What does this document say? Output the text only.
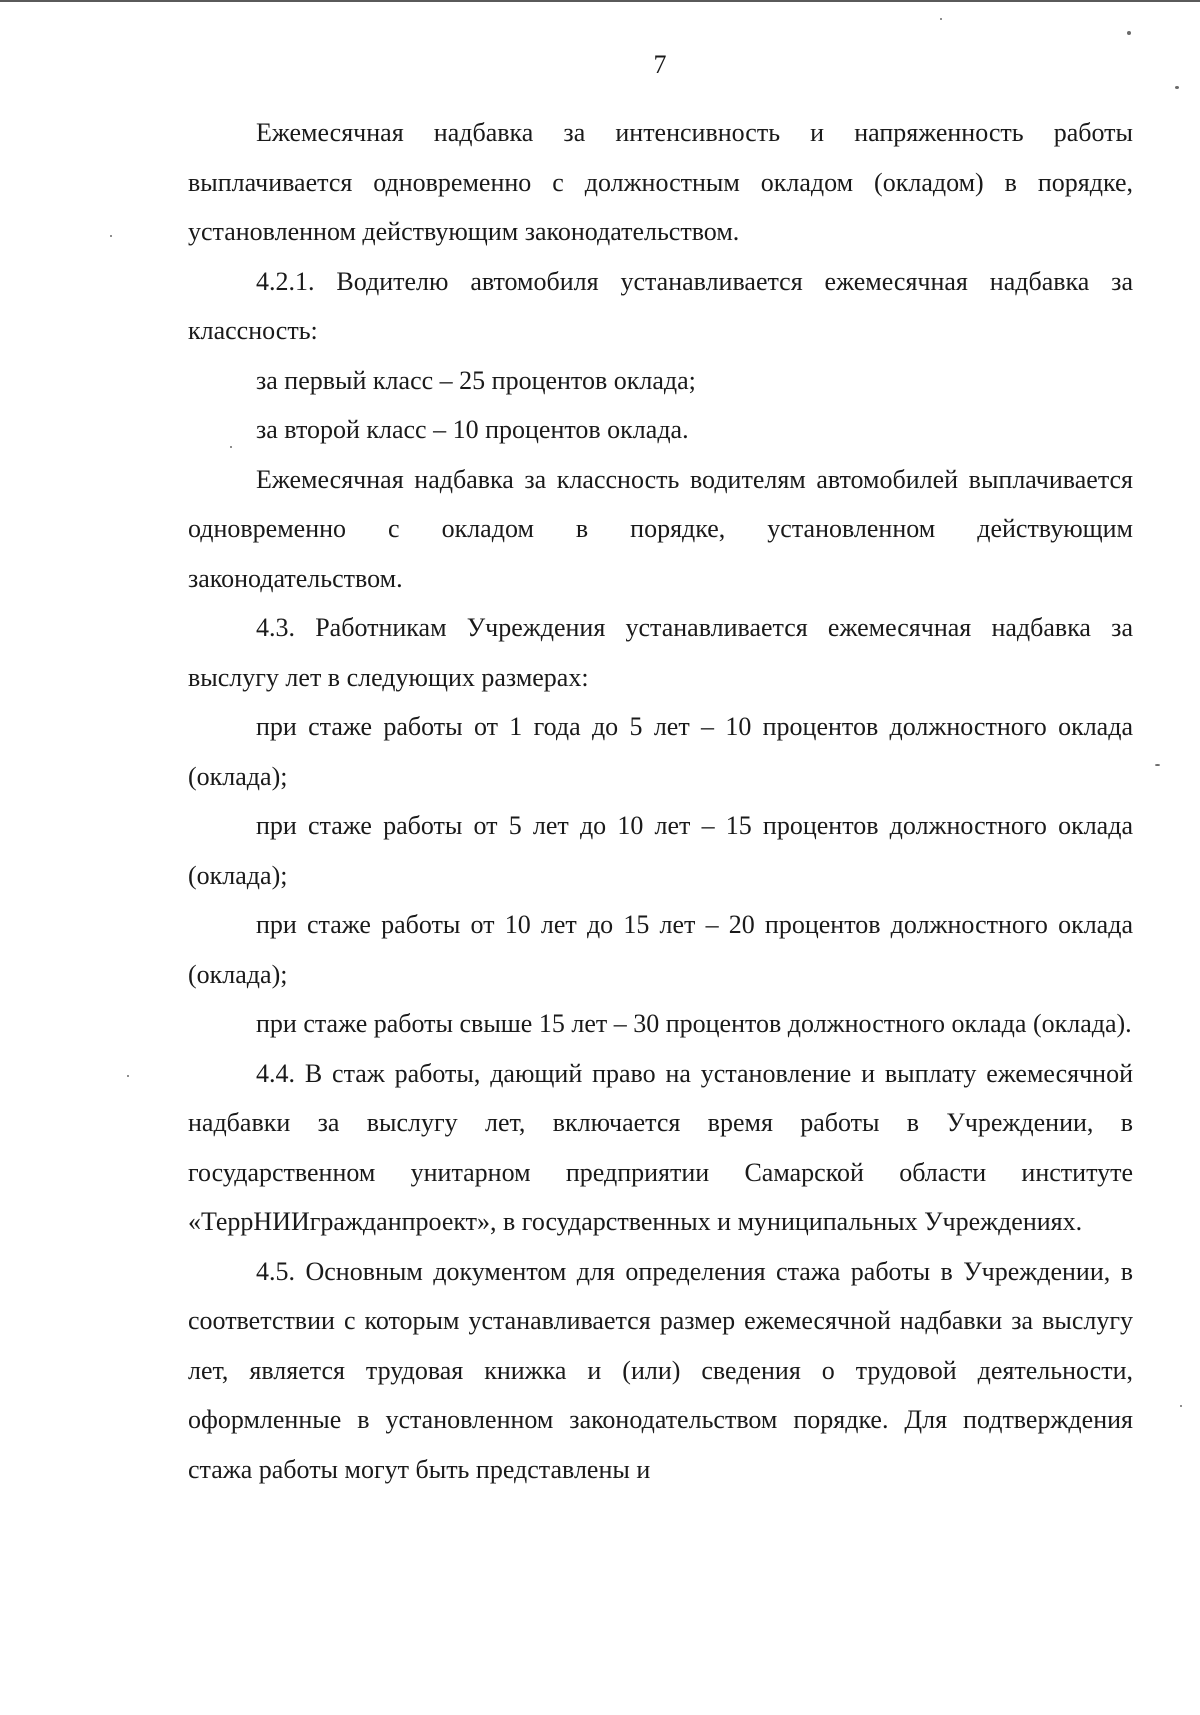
7

Ежемесячная надбавка за интенсивность и напряженность работы выплачивается одновременно с должностным окладом (окладом) в порядке, установленном действующим законодательством.

4.2.1. Водителю автомобиля устанавливается ежемесячная надбавка за классность:

за первый класс – 25 процентов оклада;

за второй класс – 10 процентов оклада.

Ежемесячная надбавка за классность водителям автомобилей выплачивается одновременно с окладом в порядке, установленном действующим законодательством.

4.3. Работникам Учреждения устанавливается ежемесячная надбавка за выслугу лет в следующих размерах:

при стаже работы от 1 года до 5 лет – 10 процентов должностного оклада (оклада);

при стаже работы от 5 лет до 10 лет – 15 процентов должностного оклада (оклада);

при стаже работы от 10 лет до 15 лет – 20 процентов должностного оклада (оклада);

при стаже работы свыше 15 лет – 30 процентов должностного оклада (оклада).

4.4. В стаж работы, дающий право на установление и выплату ежемесячной надбавки за выслугу лет, включается время работы в Учреждении, в государственном унитарном предприятии Самарской области институте «ТеррНИИгражданпроект», в государственных и муниципальных Учреждениях.

4.5. Основным документом для определения стажа работы в Учреждении, в соответствии с которым устанавливается размер ежемесячной надбавки за выслугу лет, является трудовая книжка и (или) сведения о трудовой деятельности, оформленные в установленном законодательством порядке. Для подтверждения стажа работы могут быть представлены и
